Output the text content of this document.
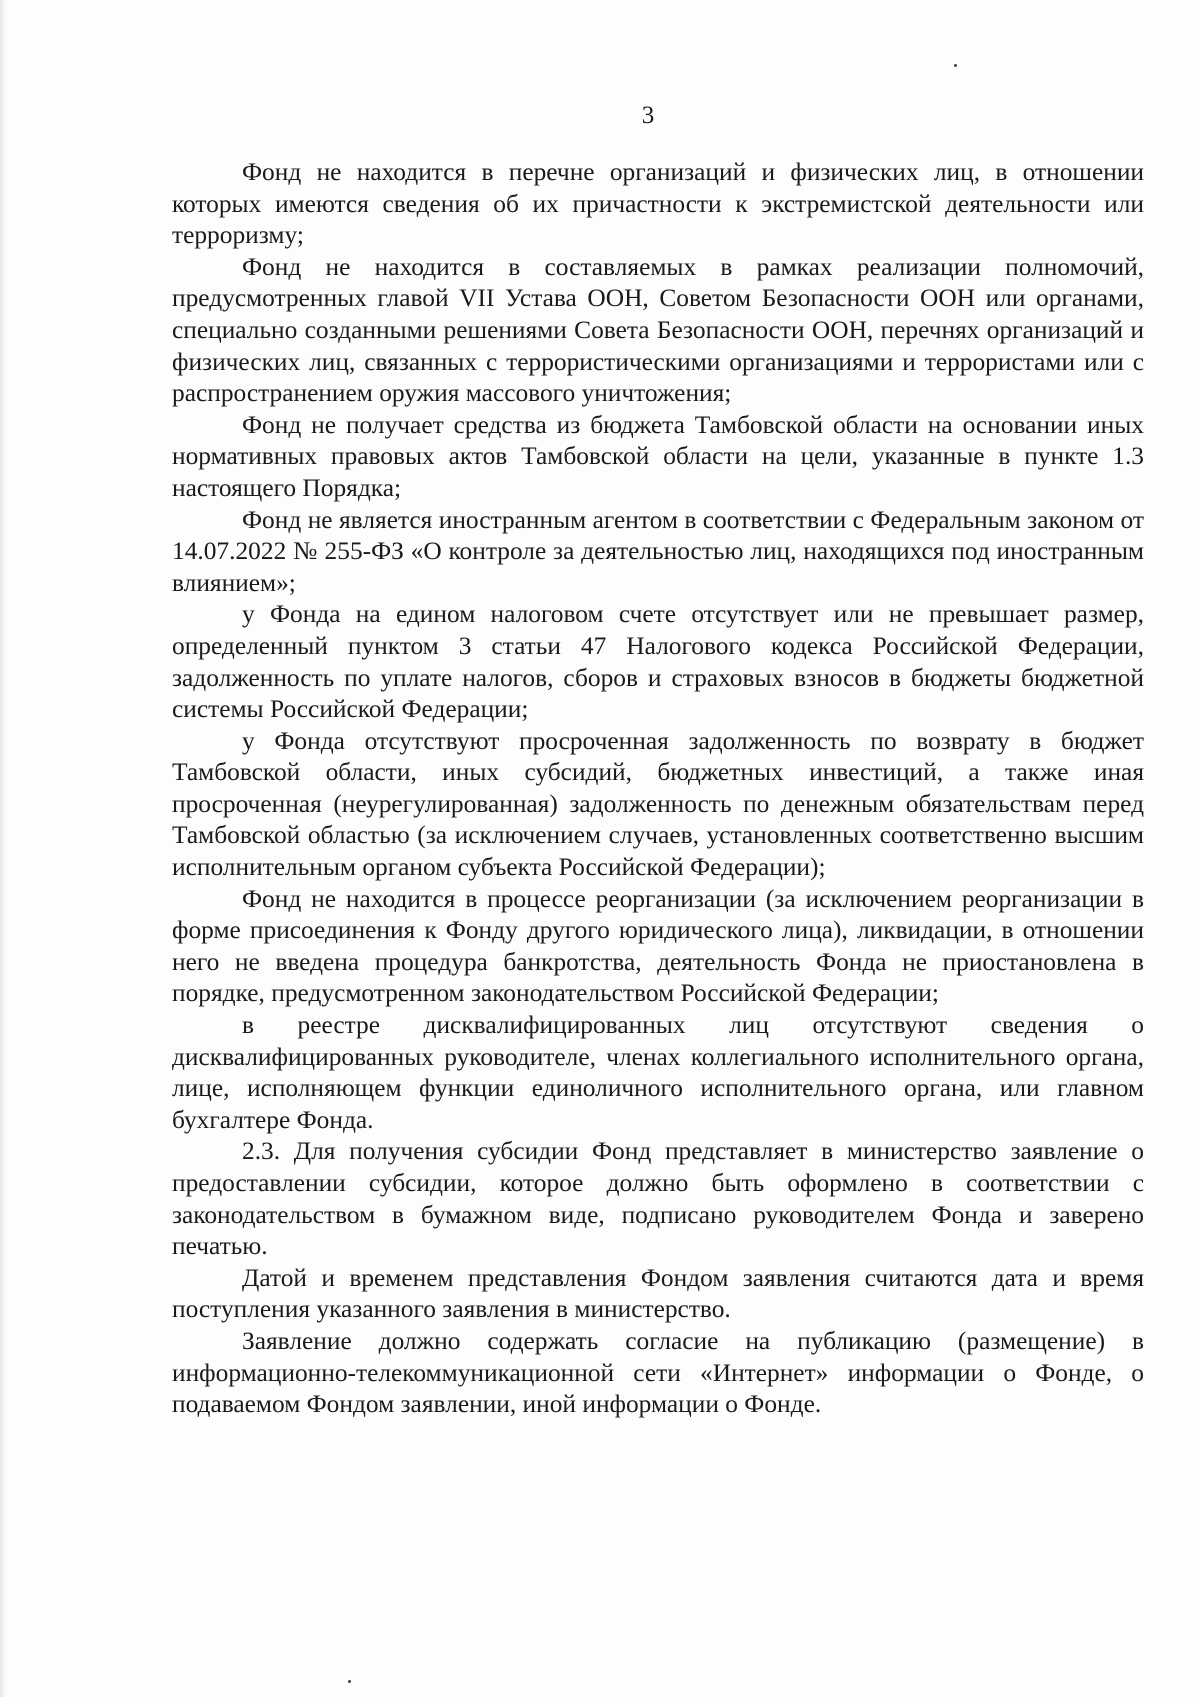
3

Фонд не находится в перечне организаций и физических лиц, в отношении которых имеются сведения об их причастности к экстремистской деятельности или терроризму;

Фонд не находится в составляемых в рамках реализации полномочий, предусмотренных главой VII Устава ООН, Советом Безопасности ООН или органами, специально созданными решениями Совета Безопасности ООН, перечнях организаций и физических лиц, связанных с террористическими организациями и террористами или с распространением оружия массового уничтожения;

Фонд не получает средства из бюджета Тамбовской области на основании иных нормативных правовых актов Тамбовской области на цели, указанные в пункте 1.3 настоящего Порядка;

Фонд не является иностранным агентом в соответствии с Федеральным законом от 14.07.2022 № 255-ФЗ «О контроле за деятельностью лиц, находящихся под иностранным влиянием»;

у Фонда на едином налоговом счете отсутствует или не превышает размер, определенный пунктом 3 статьи 47 Налогового кодекса Российской Федерации, задолженность по уплате налогов, сборов и страховых взносов в бюджеты бюджетной системы Российской Федерации;

у Фонда отсутствуют просроченная задолженность по возврату в бюджет Тамбовской области, иных субсидий, бюджетных инвестиций, а также иная просроченная (неурегулированная) задолженность по денежным обязательствам перед Тамбовской областью (за исключением случаев, установленных соответственно высшим исполнительным органом субъекта Российской Федерации);

Фонд не находится в процессе реорганизации (за исключением реорганизации в форме присоединения к Фонду другого юридического лица), ликвидации, в отношении него не введена процедура банкротства, деятельность Фонда не приостановлена в порядке, предусмотренном законодательством Российской Федерации;

в реестре дисквалифицированных лиц отсутствуют сведения о дисквалифицированных руководителе, членах коллегиального исполнительного органа, лице, исполняющем функции единоличного исполнительного органа, или главном бухгалтере Фонда.

2.3. Для получения субсидии Фонд представляет в министерство заявление о предоставлении субсидии, которое должно быть оформлено в соответствии с законодательством в бумажном виде, подписано руководителем Фонда и заверено печатью.

Датой и временем представления Фондом заявления считаются дата и время поступления указанного заявления в министерство.

Заявление должно содержать согласие на публикацию (размещение) в информационно-телекоммуникационной сети «Интернет» информации о Фонде, о подаваемом Фондом заявлении, иной информации о Фонде.
